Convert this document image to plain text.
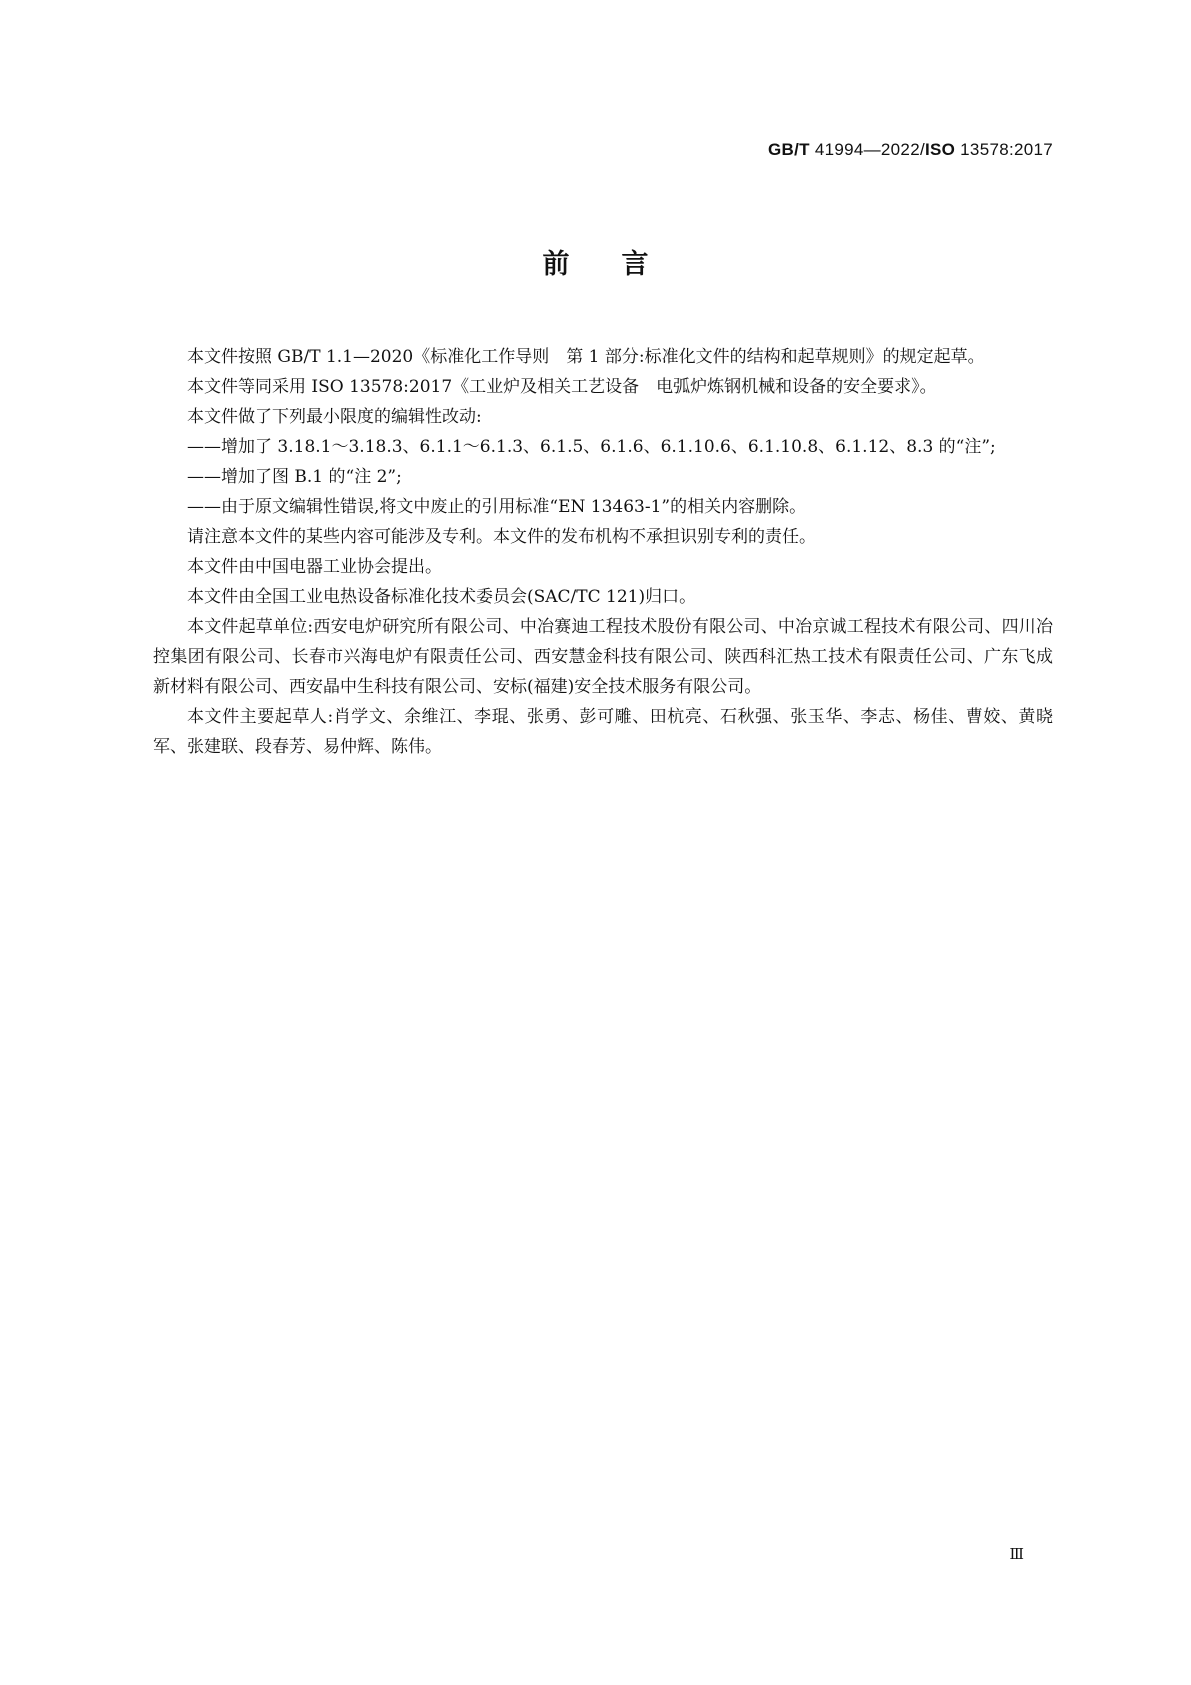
GB/T 41994—2022/ISO 13578:2017
前言

本文件按照 GB/T 1.1—2020《标准化工作导则　第 1 部分:标准化文件的结构和起草规则》的规定起草。

本文件等同采用 ISO 13578:2017《工业炉及相关工艺设备　电弧炉炼钢机械和设备的安全要求》。

本文件做了下列最小限度的编辑性改动:

——增加了 3.18.1～3.18.3、6.1.1～6.1.3、6.1.5、6.1.6、6.1.10.6、6.1.10.8、6.1.12、8.3 的“注”;

——增加了图 B.1 的“注 2”;

——由于原文编辑性错误,将文中废止的引用标准“EN 13463-1”的相关内容删除。

请注意本文件的某些内容可能涉及专利。本文件的发布机构不承担识别专利的责任。

本文件由中国电器工业协会提出。

本文件由全国工业电热设备标准化技术委员会(SAC/TC 121)归口。

本文件起草单位:西安电炉研究所有限公司、中冶赛迪工程技术股份有限公司、中冶京诚工程技术有限公司、四川冶控集团有限公司、长春市兴海电炉有限责任公司、西安慧金科技有限公司、陕西科汇热工技术有限责任公司、广东飞成新材料有限公司、西安晶中生科技有限公司、安标(福建)安全技术服务有限公司。

本文件主要起草人:肖学文、余维江、李琨、张勇、彭可雕、田杭亮、石秋强、张玉华、李志、杨佳、曹姣、黄晓军、张建联、段春芳、易仲辉、陈伟。

Ⅲ
